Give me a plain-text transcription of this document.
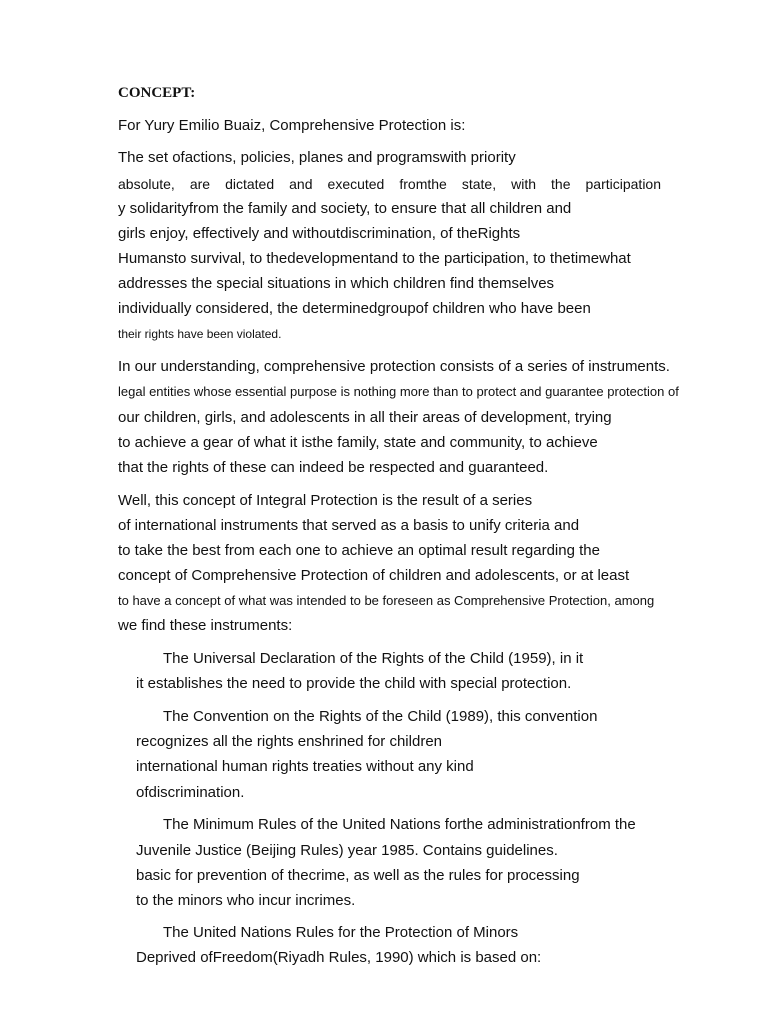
CONCEPT:
For Yury Emilio Buaiz, Comprehensive Protection is:
The set ofactions, policies, planes and programswith priority
absolute, are dictated and executed fromthe state, with the participation
y solidarityfrom the family and society, to ensure that all children and
girls enjoy, effectively and withoutdiscrimination, of theRights
Humansto survival, to thedevelopmentand to the participation, to thetimewhat
addresses the special situations in which children find themselves
individually considered, the determinedgroupof children who have been
their rights have been violated.
In our understanding, comprehensive protection consists of a series of instruments.
legal entities whose essential purpose is nothing more than to protect and guarantee protection of
our children, girls, and adolescents in all their areas of development, trying
to achieve a gear of what it isthe family, state and community, to achieve
that the rights of these can indeed be respected and guaranteed.
Well, this concept of Integral Protection is the result of a series
of international instruments that served as a basis to unify criteria and
to take the best from each one to achieve an optimal result regarding the
concept of Comprehensive Protection of children and adolescents, or at least
to have a concept of what was intended to be foreseen as Comprehensive Protection, among
we find these instruments:
The Universal Declaration of the Rights of the Child (1959), in it
it establishes the need to provide the child with special protection.
The Convention on the Rights of the Child (1989), this convention
recognizes all the rights enshrined for children
international human rights treaties without any kind
ofdiscrimination.
The Minimum Rules of the United Nations forthe administrationfrom the
Juvenile Justice (Beijing Rules) year 1985. Contains guidelines.
basic for prevention of thecrime, as well as the rules for processing
to the minors who incur incrimes.
The United Nations Rules for the Protection of Minors
Deprived ofFreedom(Riyadh Rules, 1990) which is based on:
